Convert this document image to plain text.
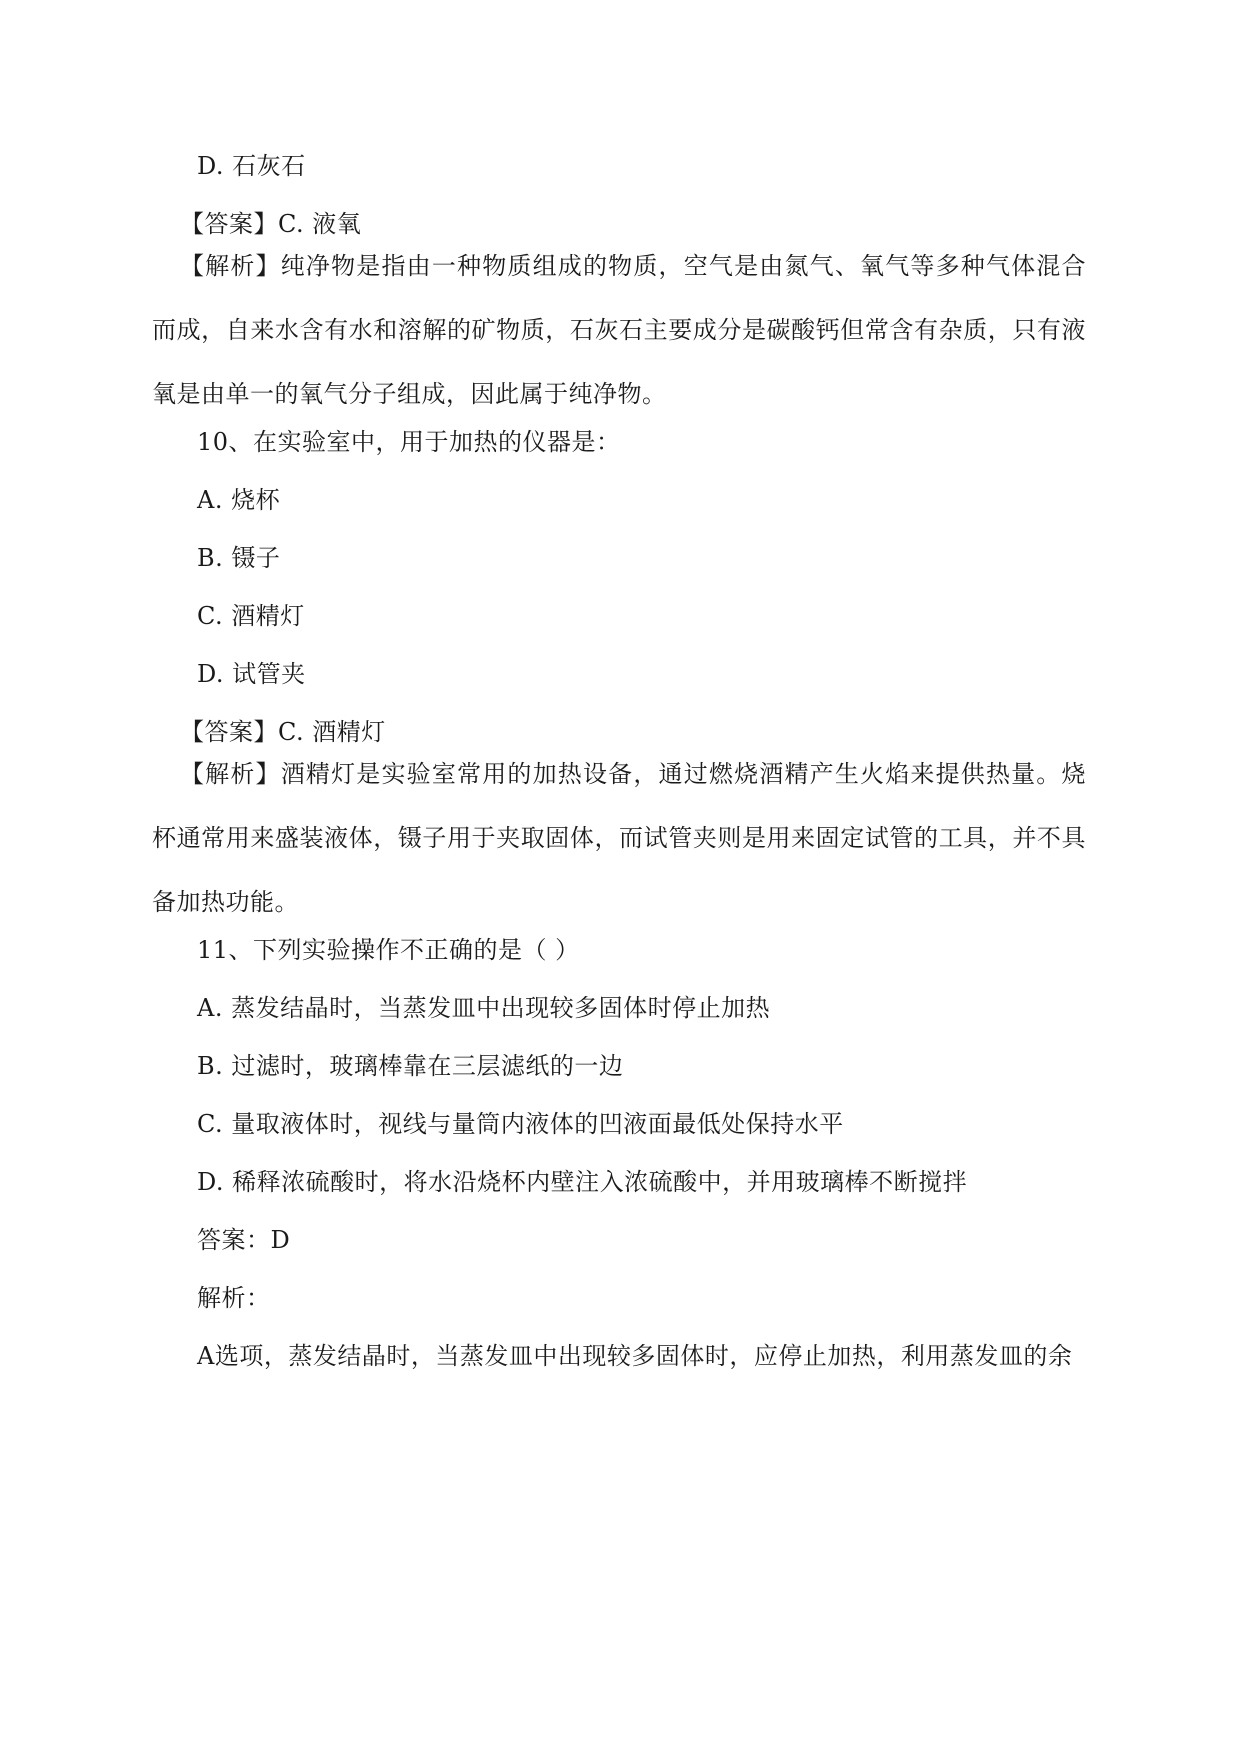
D. 石灰石
【答案】C. 液氧
【解析】纯净物是指由一种物质组成的物质，空气是由氮气、氧气等多种气体混合而成，自来水含有水和溶解的矿物质，石灰石主要成分是碳酸钙但常含有杂质，只有液氧是由单一的氧气分子组成，因此属于纯净物。
10、在实验室中，用于加热的仪器是：
A. 烧杯
B. 镊子
C. 酒精灯
D. 试管夹
【答案】C. 酒精灯
【解析】酒精灯是实验室常用的加热设备，通过燃烧酒精产生火焰来提供热量。烧杯通常用来盛装液体，镊子用于夹取固体，而试管夹则是用来固定试管的工具，并不具备加热功能。
11、下列实验操作不正确的是（ ）
A. 蒸发结晶时，当蒸发皿中出现较多固体时停止加热
B. 过滤时，玻璃棒靠在三层滤纸的一边
C. 量取液体时，视线与量筒内液体的凹液面最低处保持水平
D. 稀释浓硫酸时，将水沿烧杯内壁注入浓硫酸中，并用玻璃棒不断搅拌
答案：D
解析：
A选项，蒸发结晶时，当蒸发皿中出现较多固体时，应停止加热，利用蒸发皿的余
